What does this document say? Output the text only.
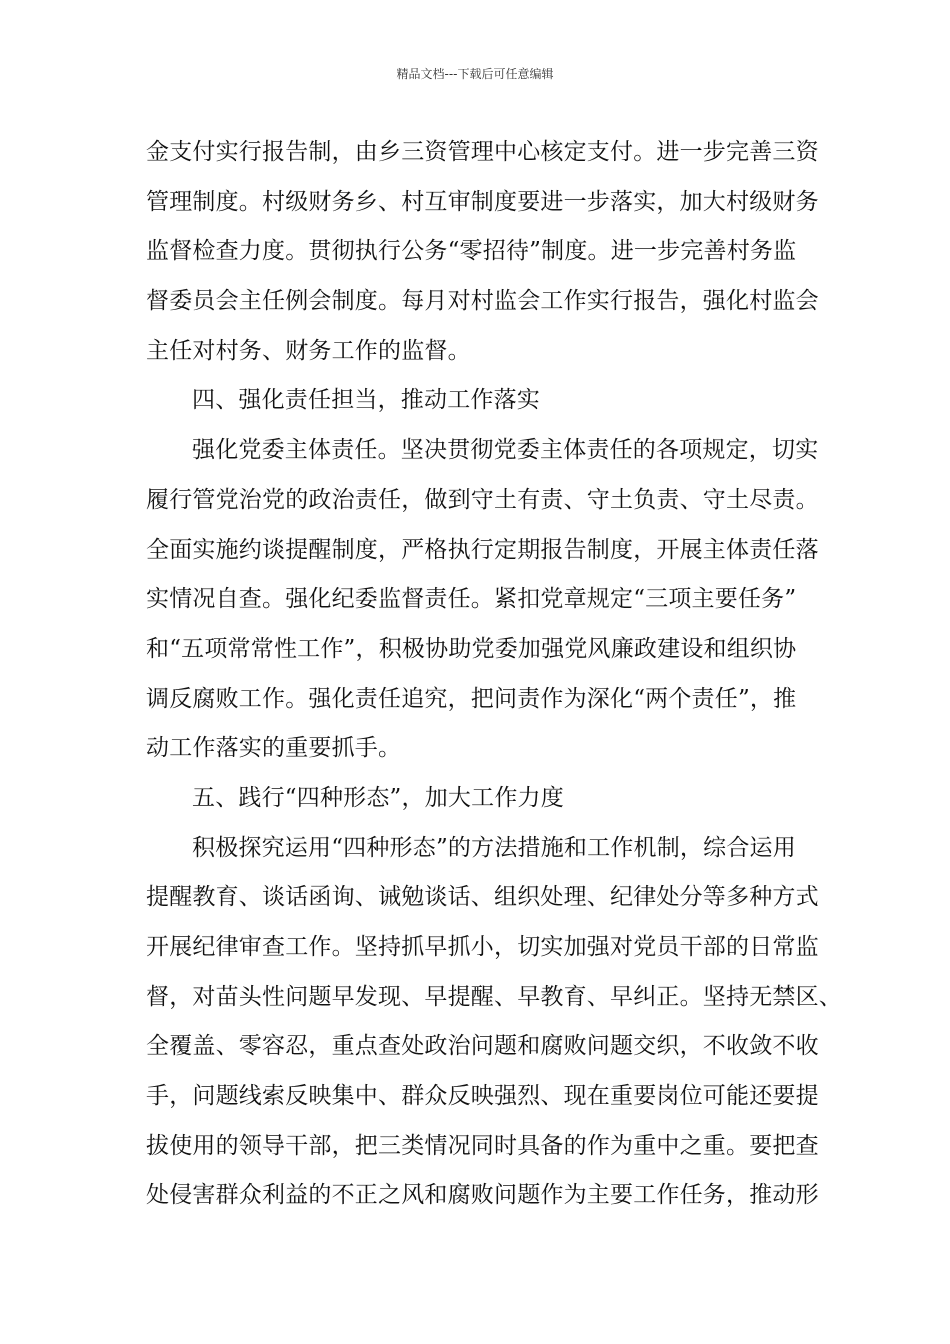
精品文档---下载后可任意编辑
金支付实行报告制，由乡三资管理中心核定支付。进一步完善三资
管理制度。村级财务乡、村互审制度要进一步落实，加大村级财务
监督检查力度。贯彻执行公务“零招待”制度。进一步完善村务监
督委员会主任例会制度。每月对村监会工作实行报告，强化村监会
主任对村务、财务工作的监督。
四、强化责任担当，推动工作落实
强化党委主体责任。坚决贯彻党委主体责任的各项规定，切实
履行管党治党的政治责任，做到守土有责、守土负责、守土尽责。
全面实施约谈提醒制度，严格执行定期报告制度，开展主体责任落
实情况自查。强化纪委监督责任。紧扣党章规定“三项主要任务”
和“五项常常性工作”，积极协助党委加强党风廉政建设和组织协
调反腐败工作。强化责任追究，把问责作为深化“两个责任”，推
动工作落实的重要抓手。
五、践行“四种形态”，加大工作力度
积极探究运用“四种形态”的方法措施和工作机制，综合运用
提醒教育、谈话函询、诫勉谈话、组织处理、纪律处分等多种方式
开展纪律审查工作。坚持抓早抓小，切实加强对党员干部的日常监
督，对苗头性问题早发现、早提醒、早教育、早纠正。坚持无禁区、
全覆盖、零容忍，重点查处政治问题和腐败问题交织，不收敛不收
手，问题线索反映集中、群众反映强烈、现在重要岗位可能还要提
拔使用的领导干部，把三类情况同时具备的作为重中之重。要把查
处侵害群众利益的不正之风和腐败问题作为主要工作任务，推动形
